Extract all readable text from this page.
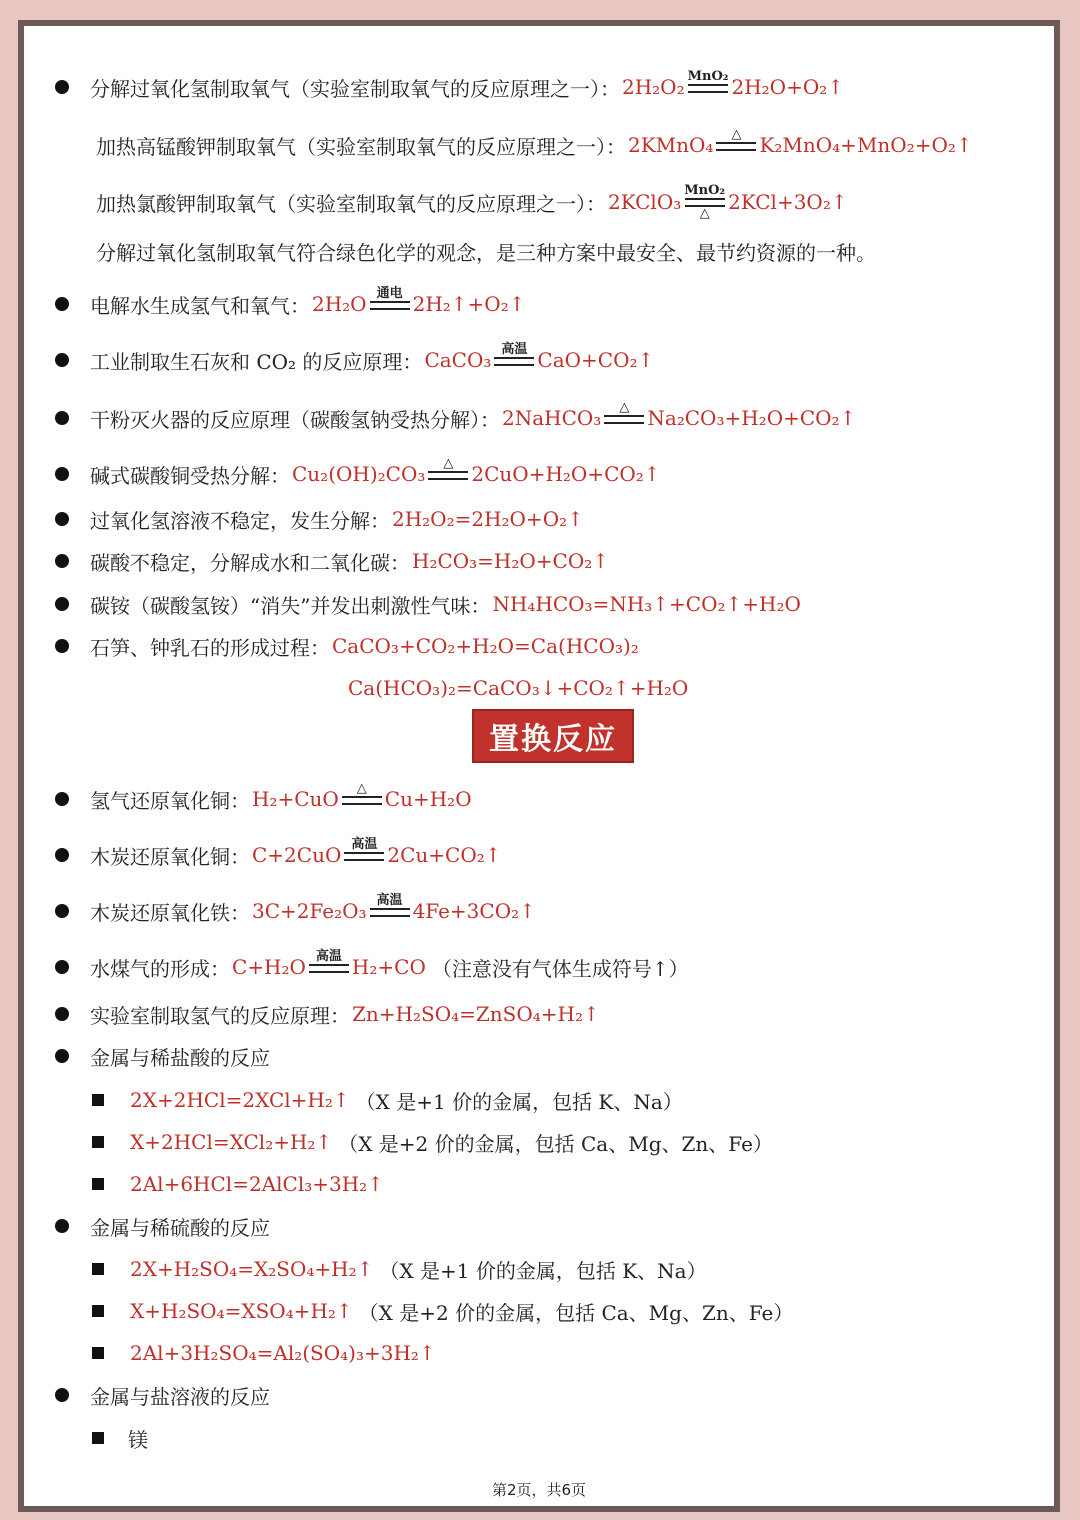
分解过氧化氢制取氧气（实验室制取氧气的反应原理之一）： 2H₂O₂ MnO₂ 2H₂O+O₂↑
加热高锰酸钾制取氧气（实验室制取氧气的反应原理之一）： 2KMnO₄ △ K₂MnO₄+MnO₂+O₂↑
加热氯酸钾制取氧气（实验室制取氧气的反应原理之一）： 2KClO₃ MnO₂
△ 2KCl+3O₂↑
分解过氧化氢制取氧气符合绿色化学的观念，是三种方案中最安全、最节约资源的一种。
电解水生成氢气和氧气： 2H₂O 通电 2H₂↑+O₂↑
工业制取生石灰和 CO₂ 的反应原理： CaCO₃ 高温 CaO+CO₂↑
干粉灭火器的反应原理（碳酸氢钠受热分解）： 2NaHCO₃ △ Na₂CO₃+H₂O+CO₂↑
碱式碳酸铜受热分解： Cu₂(OH)₂CO₃ △ 2CuO+H₂O+CO₂↑
过氧化氢溶液不稳定，发生分解： 2H₂O₂=2H₂O+O₂↑
碳酸不稳定，分解成水和二氧化碳： H₂CO₃=H₂O+CO₂↑
碳铵（碳酸氢铵）“消失”并发出刺激性气味： NH₄HCO₃=NH₃↑+CO₂↑+H₂O
石笋、钟乳石的形成过程： CaCO₃+CO₂+H₂O=Ca(HCO₃)₂
Ca(HCO₃)₂=CaCO₃↓+CO₂↑+H₂O
置换反应
氢气还原氧化铜： H₂+CuO △ Cu+H₂O
木炭还原氧化铜： C+2CuO 高温 2Cu+CO₂↑
木炭还原氧化铁： 3C+2Fe₂O₃ 高温 4Fe+3CO₂↑
水煤气的形成： C+H₂O 高温 H₂+CO （注意没有气体生成符号↑）
实验室制取氢气的反应原理： Zn+H₂SO₄=ZnSO₄+H₂↑
金属与稀盐酸的反应
2X+2HCl=2XCl+H₂↑ （X 是+1 价的金属，包括 K、Na）
X+2HCl=XCl₂+H₂↑ （X 是+2 价的金属，包括 Ca、Mg、Zn、Fe）
2Al+6HCl=2AlCl₃+3H₂↑
金属与稀硫酸的反应
2X+H₂SO₄=X₂SO₄+H₂↑ （X 是+1 价的金属，包括 K、Na）
X+H₂SO₄=XSO₄+H₂↑ （X 是+2 价的金属，包括 Ca、Mg、Zn、Fe）
2Al+3H₂SO₄=Al₂(SO₄)₃+3H₂↑
金属与盐溶液的反应
镁
第2页，共6页
